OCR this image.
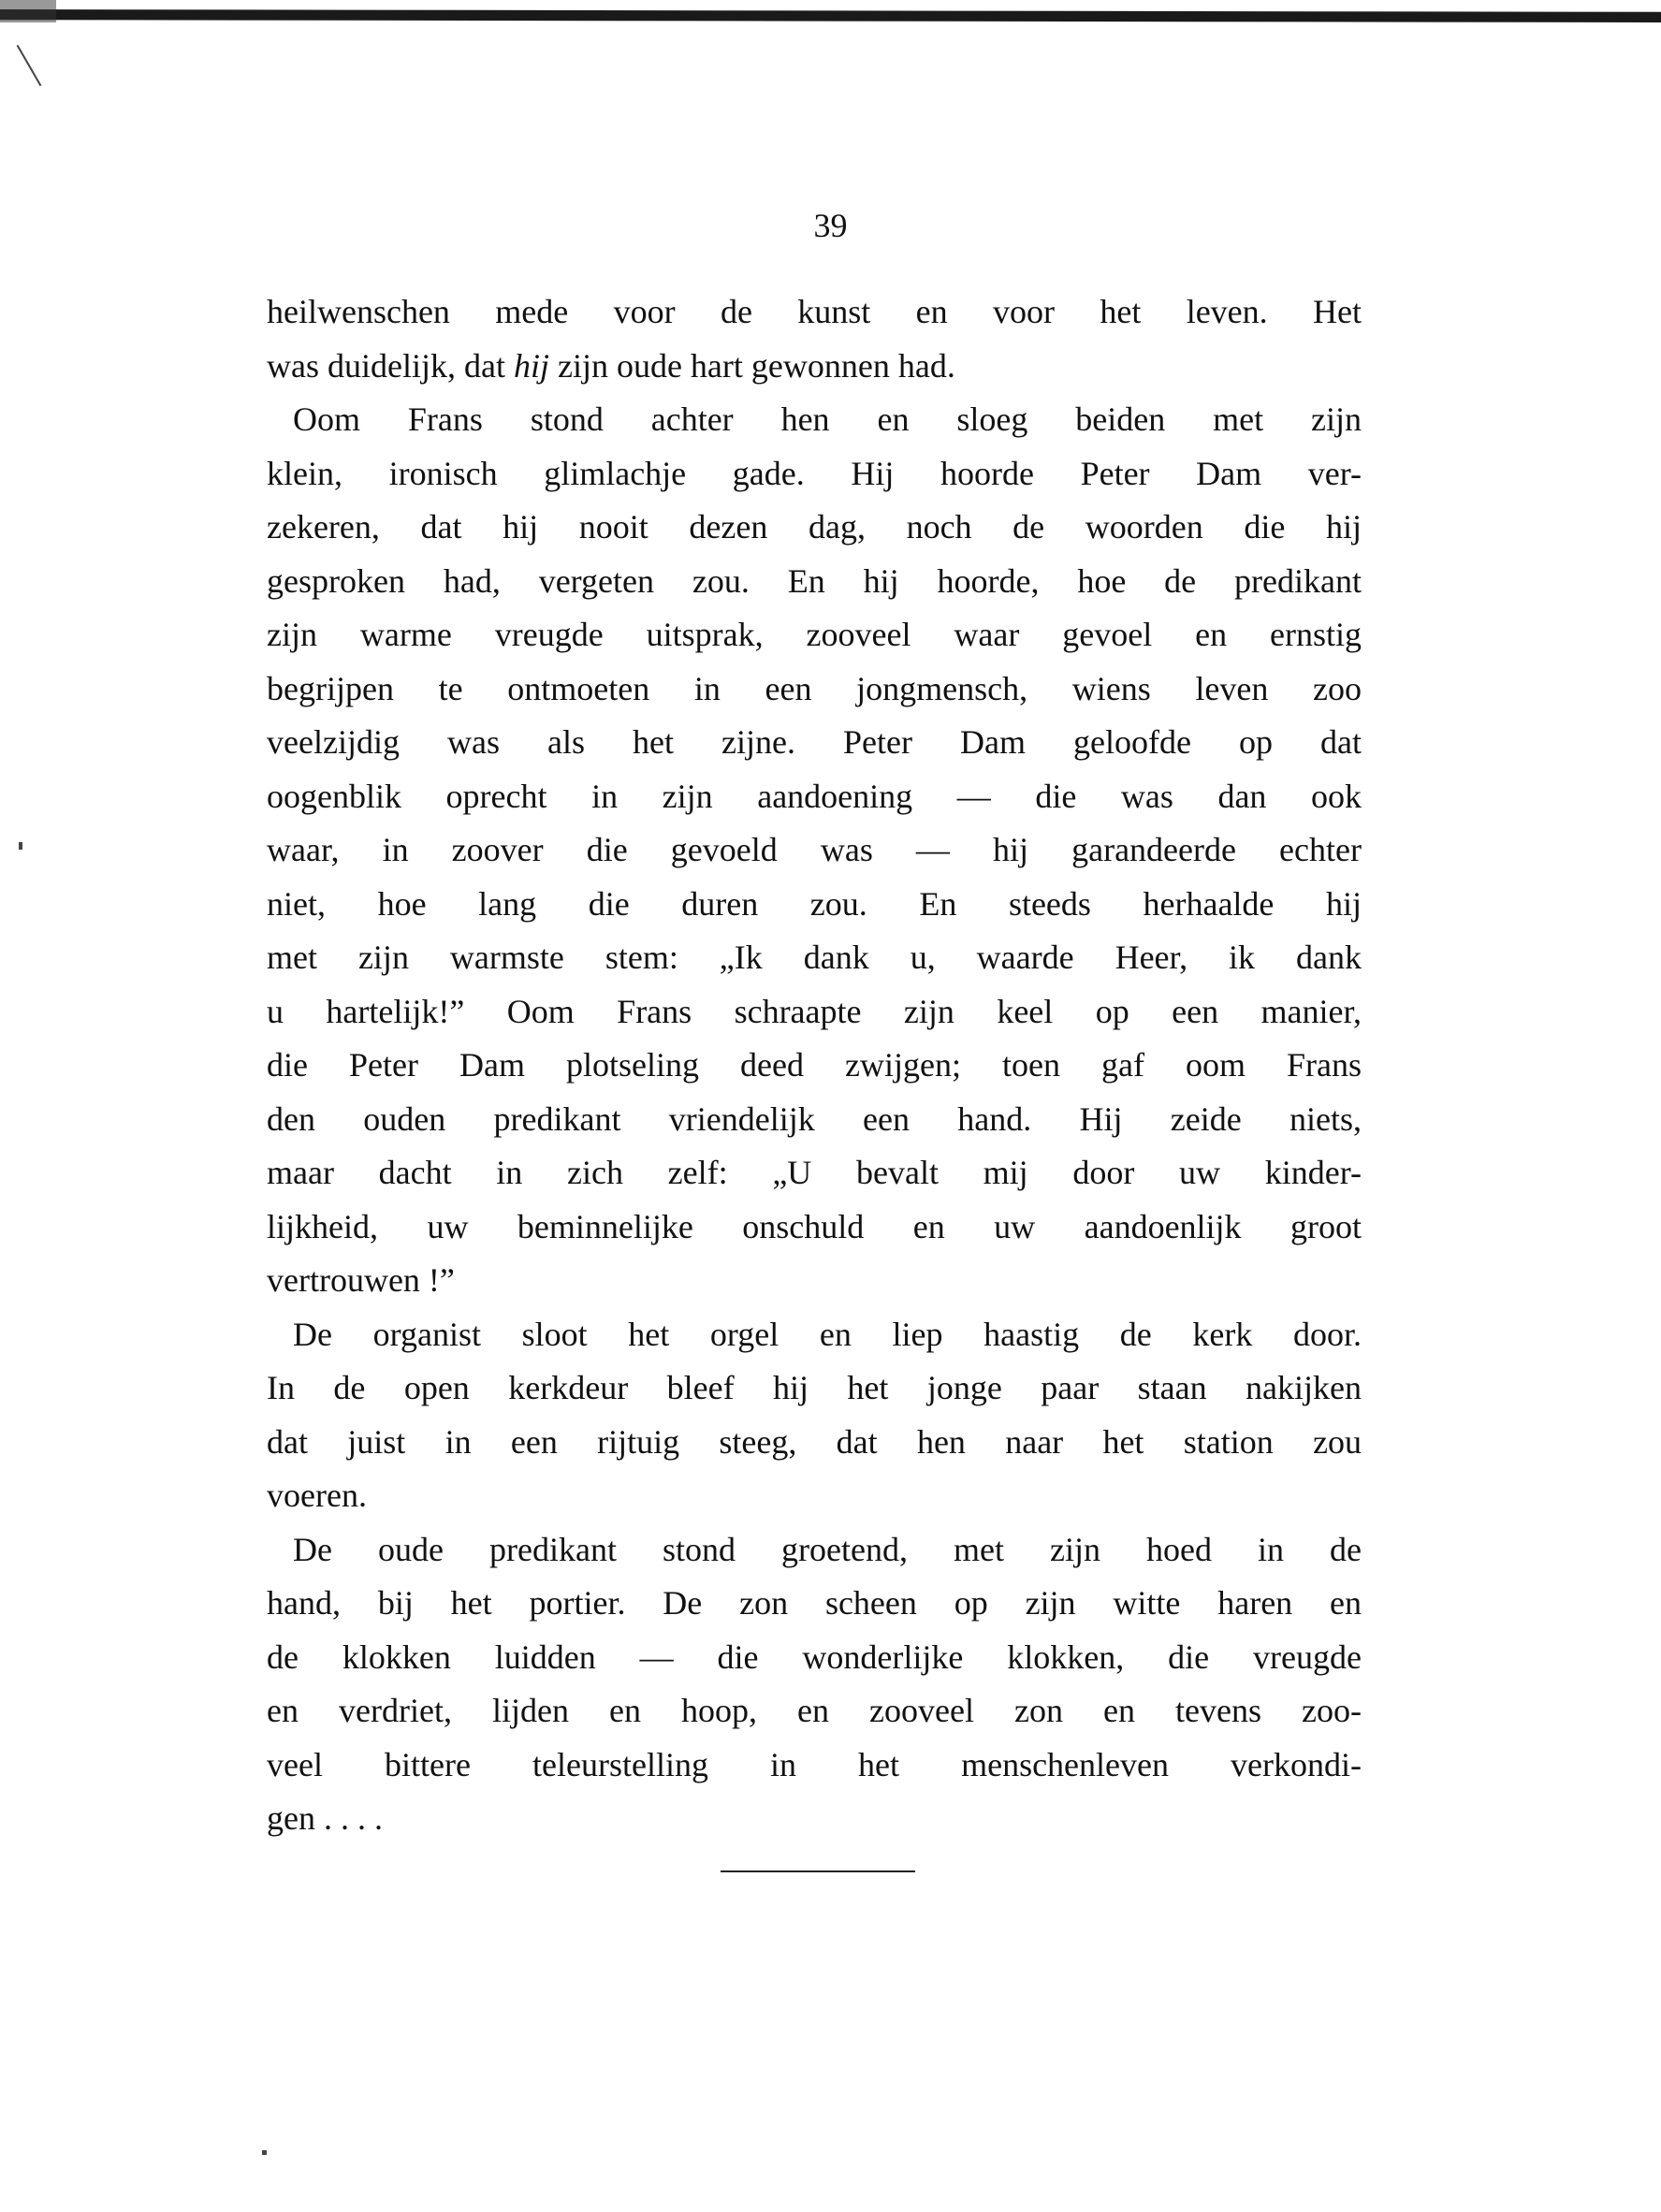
39
heilwenschen mede voor de kunst en voor het leven. Het
was duidelijk, dat hij zijn oude hart gewonnen had.
Oom Frans stond achter hen en sloeg beiden met zijn
klein, ironisch glimlachje gade. Hij hoorde Peter Dam ver-
zekeren, dat hij nooit dezen dag, noch de woorden die hij
gesproken had, vergeten zou. En hij hoorde, hoe de predikant
zijn warme vreugde uitsprak, zooveel waar gevoel en ernstig
begrijpen te ontmoeten in een jongmensch, wiens leven zoo
veelzijdig was als het zijne. Peter Dam geloofde op dat
oogenblik oprecht in zijn aandoening — die was dan ook
waar, in zoover die gevoeld was — hij garandeerde echter
niet, hoe lang die duren zou. En steeds herhaalde hij
met zijn warmste stem: „Ik dank u, waarde Heer, ik dank
u hartelijk!” Oom Frans schraapte zijn keel op een manier,
die Peter Dam plotseling deed zwijgen; toen gaf oom Frans
den ouden predikant vriendelijk een hand. Hij zeide niets,
maar dacht in zich zelf: „U bevalt mij door uw kinder-
lijkheid, uw beminnelijke onschuld en uw aandoenlijk groot
vertrouwen !”
De organist sloot het orgel en liep haastig de kerk door.
In de open kerkdeur bleef hij het jonge paar staan nakijken
dat juist in een rijtuig steeg, dat hen naar het station zou
voeren.
De oude predikant stond groetend, met zijn hoed in de
hand, bij het portier. De zon scheen op zijn witte haren en
de klokken luidden — die wonderlijke klokken, die vreugde
en verdriet, lijden en hoop, en zooveel zon en tevens zoo-
veel bittere teleurstelling in het menschenleven verkondi-
gen . . . .
